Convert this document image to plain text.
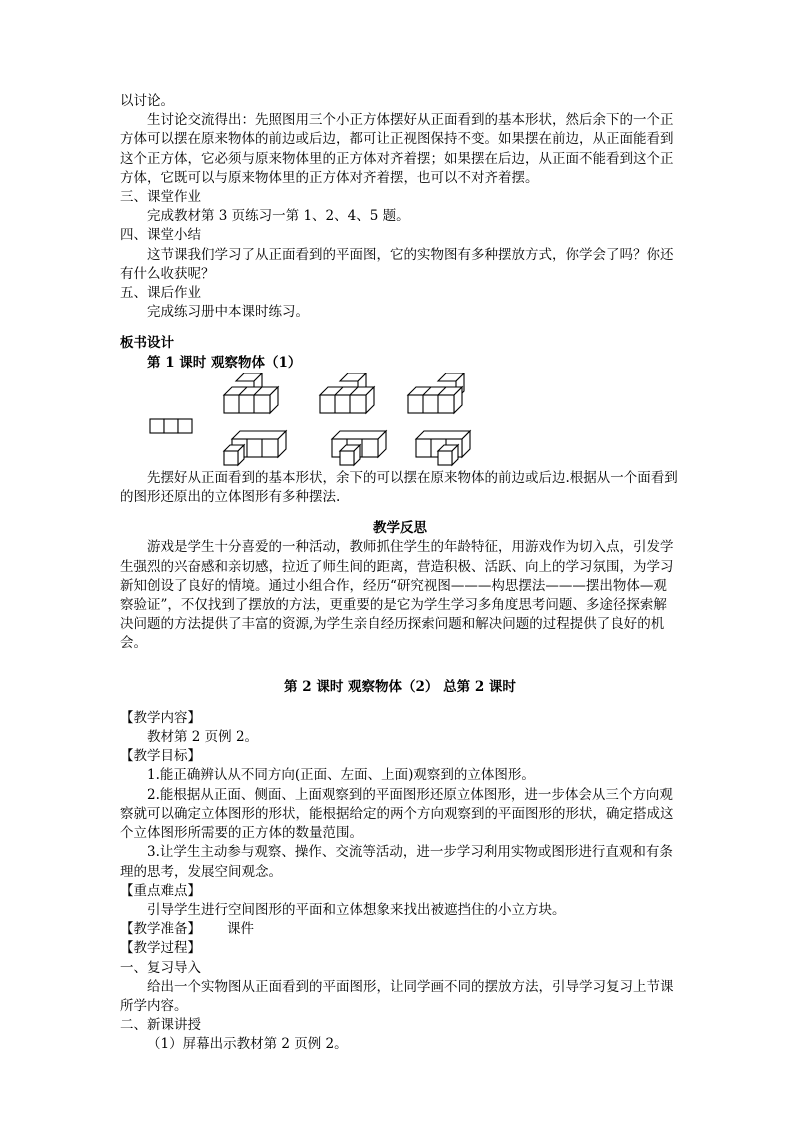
以讨论。

生讨论交流得出：先照图用三个小正方体摆好从正面看到的基本形状，然后余下的一个正方体可以摆在原来物体的前边或后边，都可让正视图保持不变。如果摆在前边，从正面能看到这个正方体，它必须与原来物体里的正方体对齐着摆；如果摆在后边，从正面不能看到这个正方体，它既可以与原来物体里的正方体对齐着摆，也可以不对齐着摆。

三、课堂作业

完成教材第 3 页练习一第 1、2、4、5 题。

四、课堂小结

这节课我们学习了从正面看到的平面图，它的实物图有多种摆放方式，你学会了吗？你还有什么收获呢？

五、课后作业

完成练习册中本课时练习。

板书设计

第 1 课时 观察物体（1）

先摆好从正面看到的基本形状，余下的可以摆在原来物体的前边或后边.根据从一个面看到的图形还原出的立体图形有多种摆法.

教学反思

游戏是学生十分喜爱的一种活动，教师抓住学生的年龄特征，用游戏作为切入点，引发学生强烈的兴奋感和亲切感，拉近了师生间的距离，营造积极、活跃、向上的学习氛围，为学习新知创设了良好的情境。通过小组合作，经历“研究视图———构思摆法———摆出物体—观察验证”，不仅找到了摆放的方法，更重要的是它为学生学习多角度思考问题、多途径探索解决问题的方法提供了丰富的资源,为学生亲自经历探索问题和解决问题的过程提供了良好的机会。

第 2 课时 观察物体（2） 总第 2 课时

【教学内容】

教材第 2 页例 2。

【教学目标】

1.能正确辨认从不同方向(正面、左面、上面)观察到的立体图形。

2.能根据从正面、侧面、上面观察到的平面图形还原立体图形，进一步体会从三个方向观察就可以确定立体图形的形状，能根据给定的两个方向观察到的平面图形的形状，确定搭成这个立体图形所需要的正方体的数量范围。

3.让学生主动参与观察、操作、交流等活动，进一步学习利用实物或图形进行直观和有条理的思考，发展空间观念。

【重点难点】

引导学生进行空间图形的平面和立体想象来找出被遮挡住的小立方块。

【教学准备】 课件

【教学过程】

一、复习导入

给出一个实物图从正面看到的平面图形，让同学画不同的摆放方法，引导学习复习上节课所学内容。

二、新课讲授

（1）屏幕出示教材第 2 页例 2。
